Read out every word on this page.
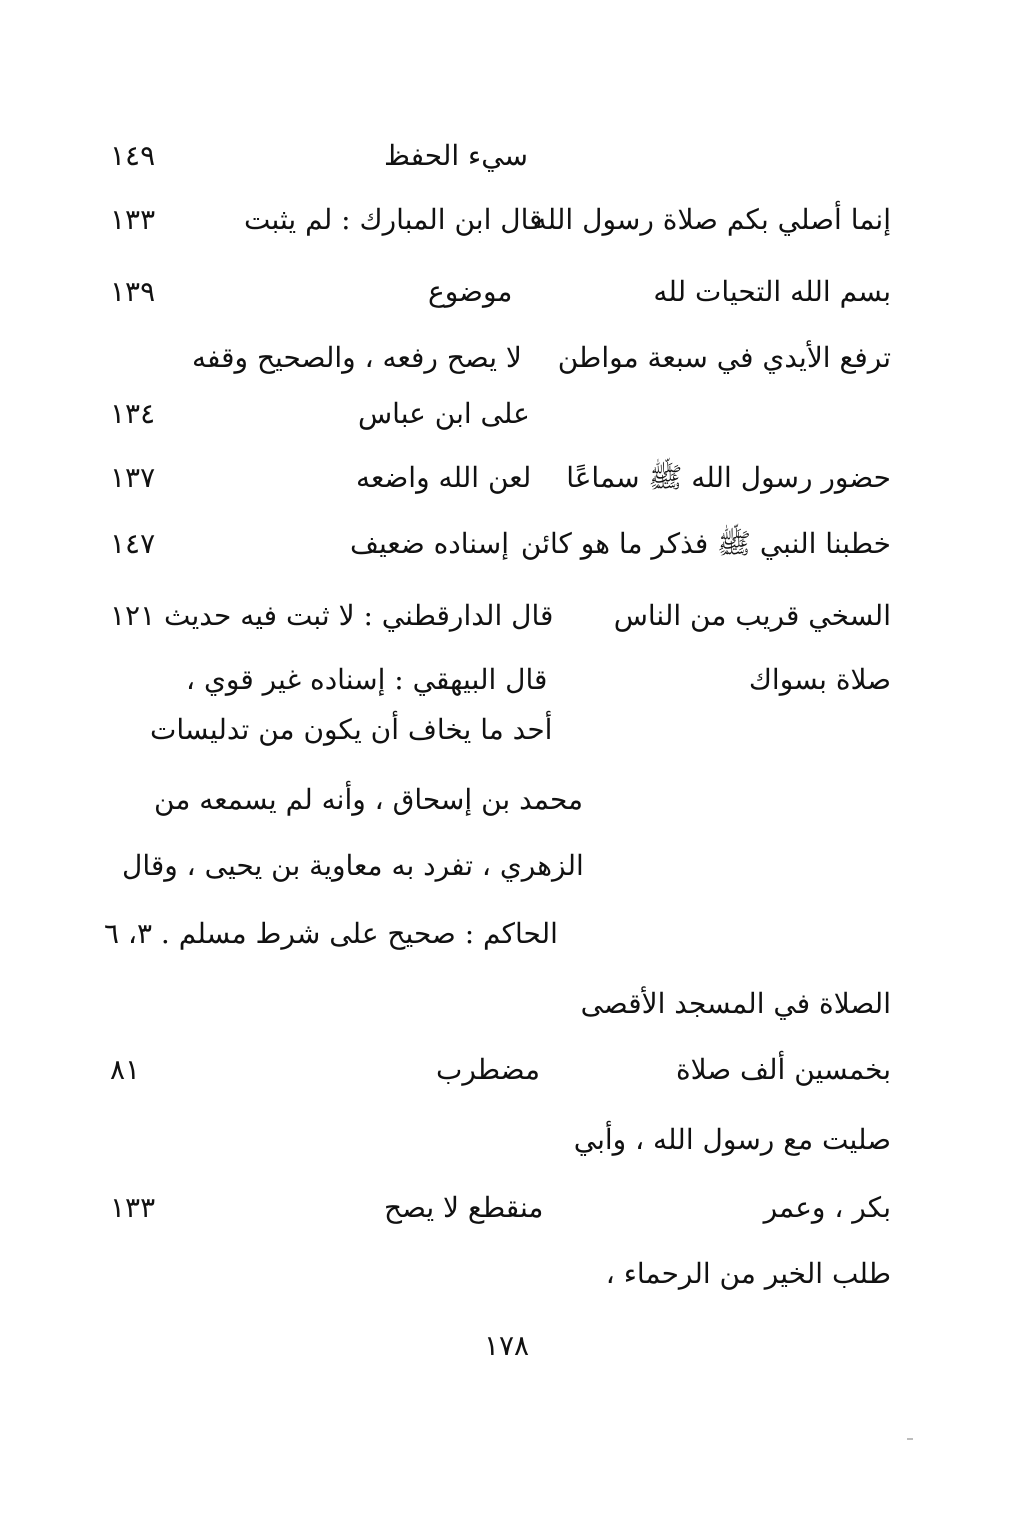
سيء الحفظ
١٤٩
إنما أصلي بكم صلاة رسول الله
قال ابن المبارك : لم يثبت
١٣٣
بسم الله التحيات لله
موضوع
١٣٩
ترفع الأيدي في سبعة مواطن
لا يصح رفعه ، والصحيح وقفه
على ابن عباس
١٣٤
حضور رسول الله ﷺ سماعًا
لعن الله واضعه
١٣٧
خطبنا النبي ﷺ فذكر ما هو كائن
إسناده ضعيف
١٤٧
السخي قريب من الناس
قال الدارقطني : لا ثبت فيه حديث
١٢١
صلاة بسواك
قال البيهقي : إسناده غير قوي ،
أحد ما يخاف أن يكون من تدليسات
محمد بن إسحاق ، وأنه لم يسمعه من
الزهري ، تفرد به معاوية بن يحيى ، وقال
الحاكم : صحيح على شرط مسلم . ٣، ٦
الصلاة في المسجد الأقصى
بخمسين ألف صلاة
مضطرب
٨١
صليت مع رسول الله ، وأبي
بكر ، وعمر
منقطع لا يصح
١٣٣
طلب الخير من الرحماء ،
١٧٨
